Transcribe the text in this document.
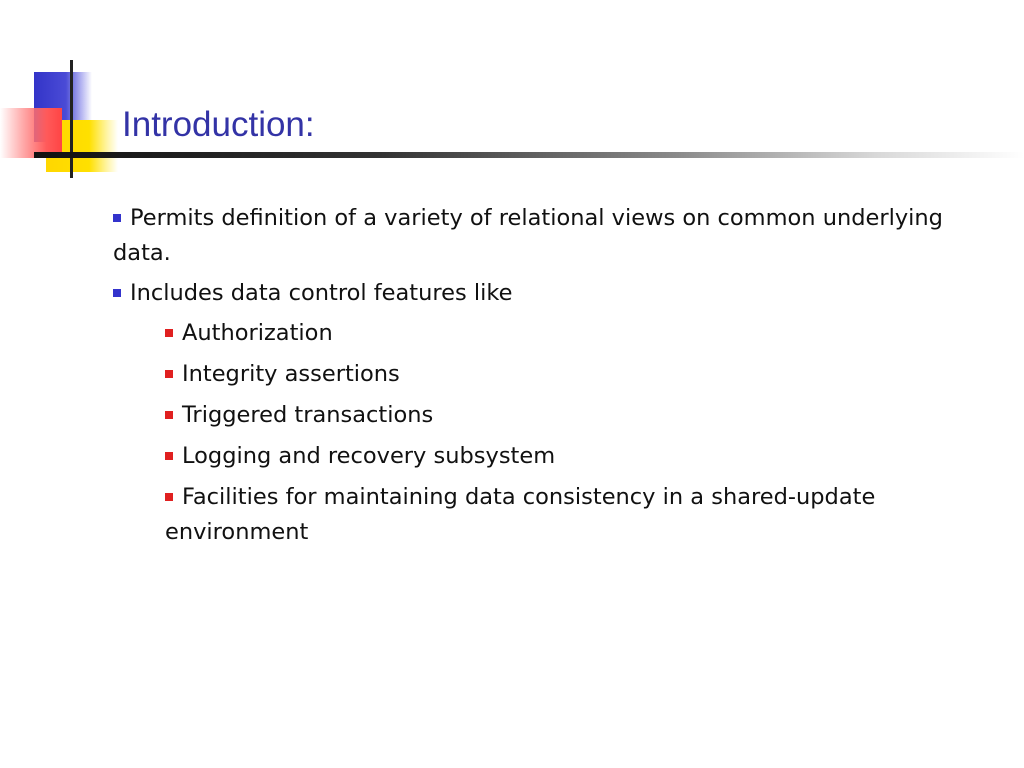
Introduction:

Permits definition of a variety of relational views on common underlying data.

Includes data control features like

Authorization

Integrity assertions

Triggered transactions

Logging and recovery subsystem

Facilities for maintaining data consistency in a shared-update environment
